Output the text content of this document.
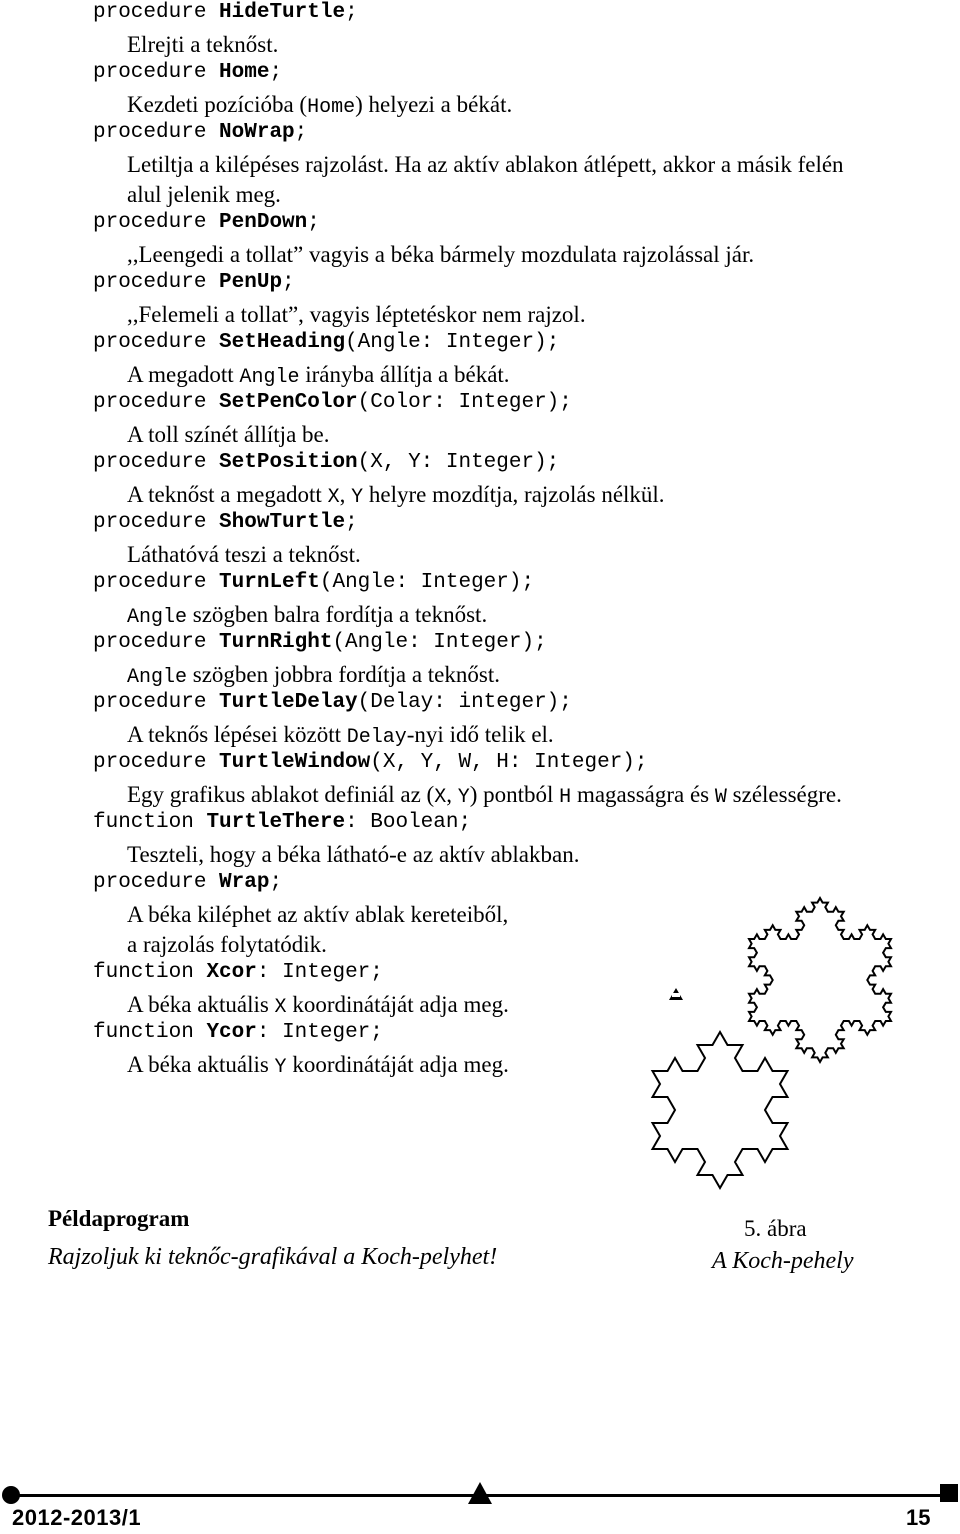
procedure HideTurtle;
Elrejti a teknőst.
procedure Home;
Kezdeti pozícióba (Home) helyezi a békát.
procedure NoWrap;
Letiltja a kilépéses rajzolást. Ha az aktív ablakon átlépett, akkor a másik felén
alul jelenik meg.
procedure PenDown;
,,Leengedi a tollat” vagyis a béka bármely mozdulata rajzolással jár.
procedure PenUp;
,,Felemeli a tollat”, vagyis léptetéskor nem rajzol.
procedure SetHeading(Angle: Integer);
A megadott Angle irányba állítja a békát.
procedure SetPenColor(Color: Integer);
A toll színét állítja be.
procedure SetPosition(X, Y: Integer);
A teknőst a megadott X, Y helyre mozdítja, rajzolás nélkül.
procedure ShowTurtle;
Láthatóvá teszi a teknőst.
procedure TurnLeft(Angle: Integer);
Angle szögben balra fordítja a teknőst.
procedure TurnRight(Angle: Integer);
Angle szögben jobbra fordítja a teknőst.
procedure TurtleDelay(Delay: integer);
A teknős lépései között Delay-nyi idő telik el.
procedure TurtleWindow(X, Y, W, H: Integer);
Egy grafikus ablakot definiál az (X, Y) pontból H magasságra és W szélességre.
function TurtleThere: Boolean;
Teszteli, hogy a béka látható-e az aktív ablakban.
procedure Wrap;
A béka kiléphet az aktív ablak kereteiből,
a rajzolás folytatódik.
function Xcor: Integer;
A béka aktuális X koordinátáját adja meg.
function Ycor: Integer;
A béka aktuális Y koordinátáját adja meg.
Példaprogram
Rajzoljuk ki teknőc-grafikával a Koch-pelyhet!
5. ábra
A Koch-pehely
2012-2013/1	15
